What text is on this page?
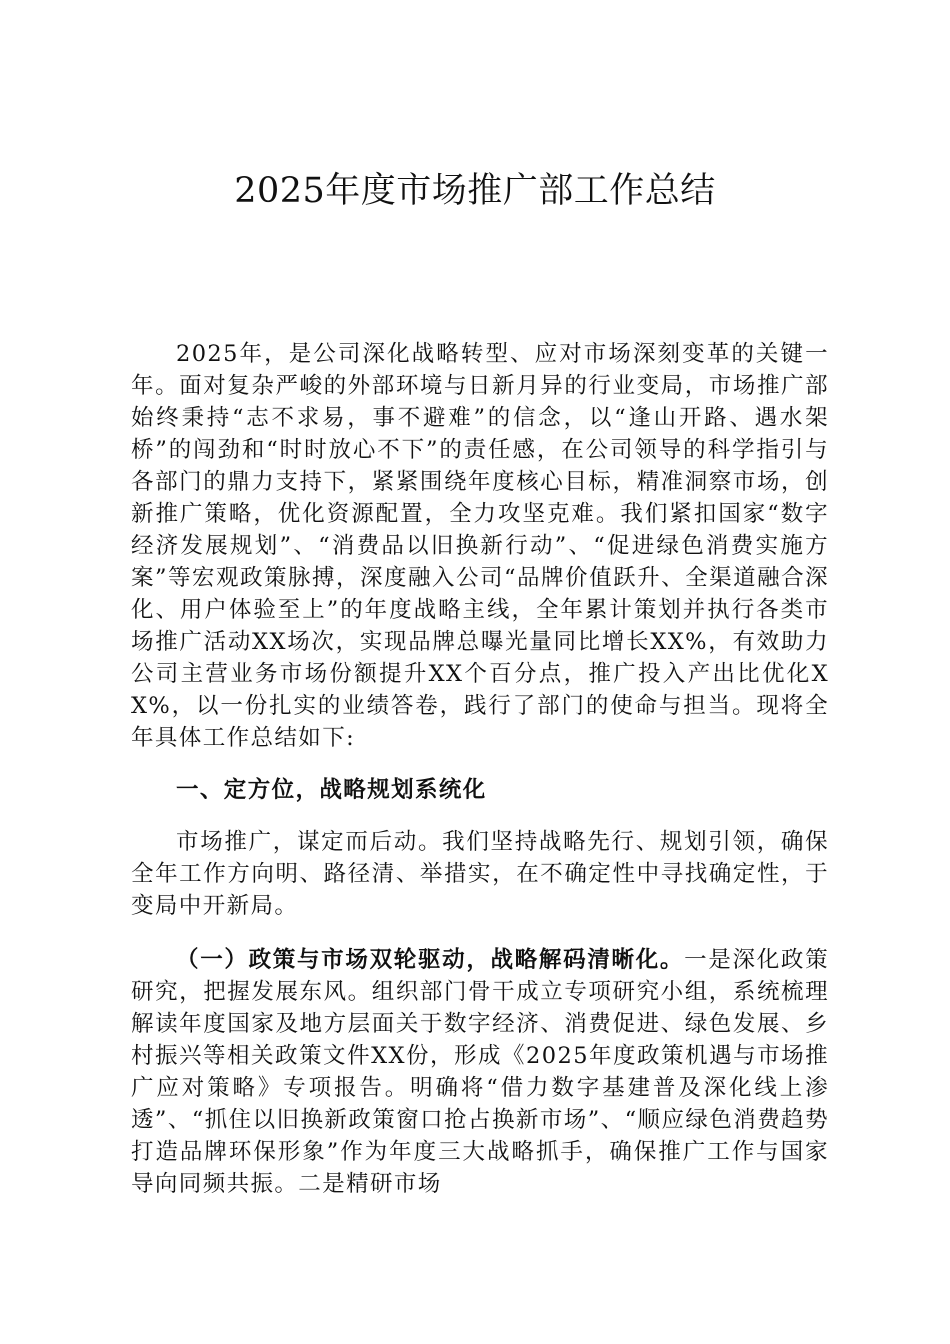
2025年度市场推广部工作总结

2025年，是公司深化战略转型、应对市场深刻变革的关键一年。面对复杂严峻的外部环境与日新月异的行业变局，市场推广部始终秉持“志不求易，事不避难”的信念，以“逢山开路、遇水架桥”的闯劲和“时时放心不下”的责任感，在公司领导的科学指引与各部门的鼎力支持下，紧紧围绕年度核心目标，精准洞察市场，创新推广策略，优化资源配置，全力攻坚克难。我们紧扣国家“数字经济发展规划”、“消费品以旧换新行动”、“促进绿色消费实施方案”等宏观政策脉搏，深度融入公司“品牌价值跃升、全渠道融合深化、用户体验至上”的年度战略主线，全年累计策划并执行各类市场推广活动XX场次，实现品牌总曝光量同比增长XX%，有效助力公司主营业务市场份额提升XX个百分点，推广投入产出比优化XX%，以一份扎实的业绩答卷，践行了部门的使命与担当。现将全年具体工作总结如下:

一、定方位，战略规划系统化

市场推广，谋定而后动。我们坚持战略先行、规划引领，确保全年工作方向明、路径清、举措实，在不确定性中寻找确定性，于变局中开新局。

（一）政策与市场双轮驱动，战略解码清晰化。一是深化政策研究，把握发展东风。组织部门骨干成立专项研究小组，系统梳理解读年度国家及地方层面关于数字经济、消费促进、绿色发展、乡村振兴等相关政策文件XX份，形成《2025年度政策机遇与市场推广应对策略》专项报告。明确将“借力数字基建普及深化线上渗透”、“抓住以旧换新政策窗口抢占换新市场”、“顺应绿色消费趋势打造品牌环保形象”作为年度三大战略抓手，确保推广工作与国家导向同频共振。二是精研市场
